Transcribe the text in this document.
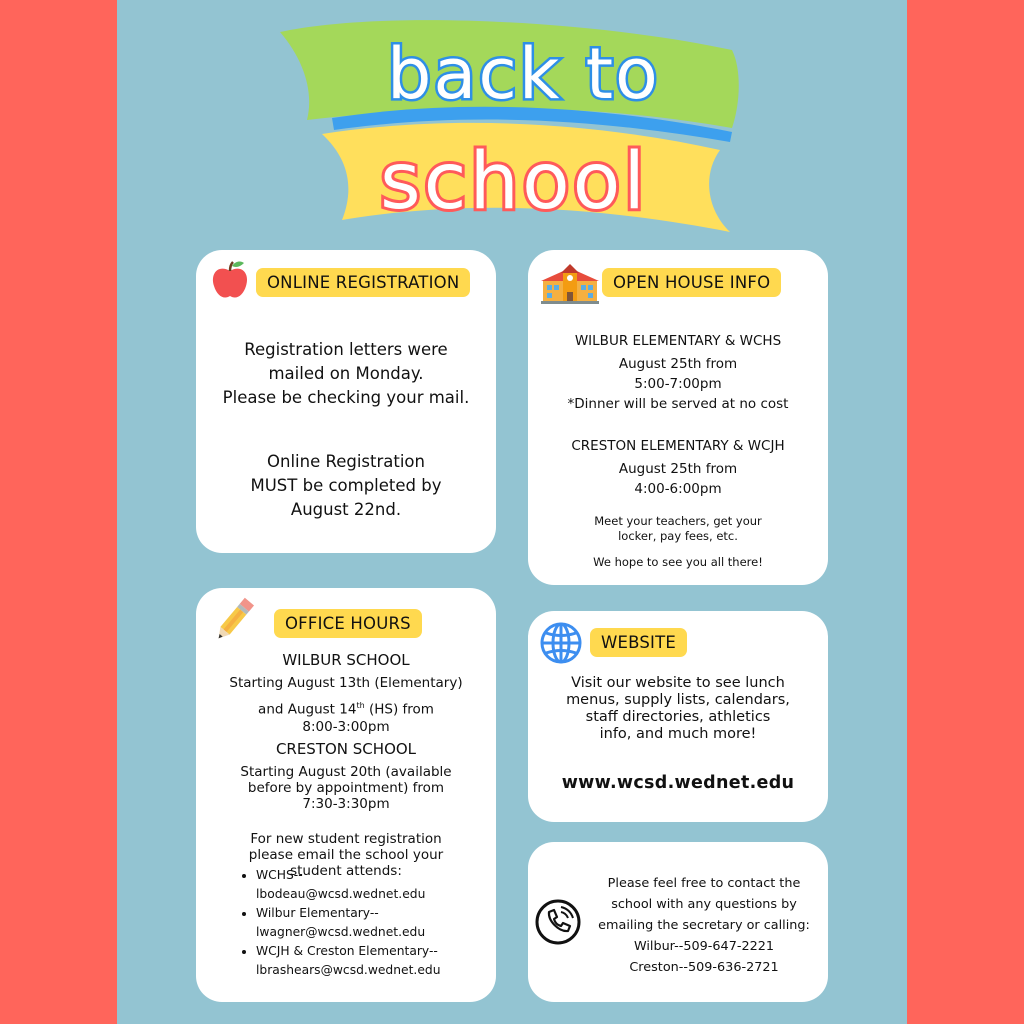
back to
school
ONLINE REGISTRATION
Registration letters were
mailed on Monday.
Please be checking your mail.
Online Registration
MUST be completed by
August 22nd.
OPEN HOUSE INFO
WILBUR ELEMENTARY & WCHS
August 25th from
5:00-7:00pm
*Dinner will be served at no cost
CRESTON ELEMENTARY & WCJH
August 25th from
4:00-6:00pm
Meet your teachers, get your
locker, pay fees, etc.
We hope to see you all there!
OFFICE HOURS
WILBUR SCHOOL
Starting August 13th (Elementary)
and August 14th (HS) from
8:00-3:00pm
CRESTON SCHOOL
Starting August 20th (available
before by appointment) from
7:30-3:30pm
For new student registration
please email the school your
student attends:
• WCHS--
lbodeau@wcsd.wednet.edu
• Wilbur Elementary--
lwagner@wcsd.wednet.edu
• WCJH & Creston Elementary--
lbrashears@wcsd.wednet.edu
WEBSITE
Visit our website to see lunch
menus, supply lists, calendars,
staff directories, athletics
info, and much more!
www.wcsd.wednet.edu
Please feel free to contact the
school with any questions by
emailing the secretary or calling:
Wilbur--509-647-2221
Creston--509-636-2721
